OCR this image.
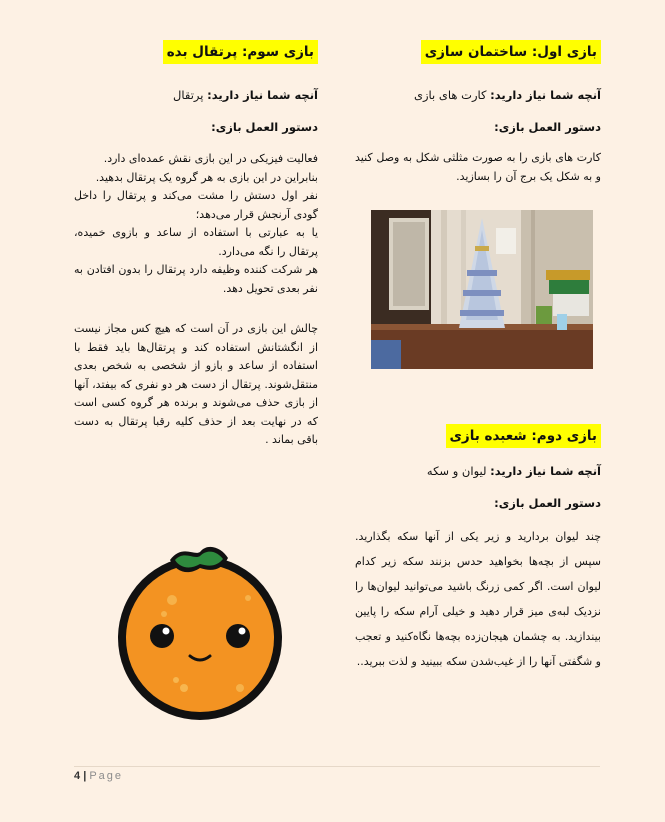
بازی اول: ساختمان سازی
آنچه شما نیاز دارید: کارت های بازی
دستور العمل بازی:
کارت های بازی را به صورت مثلثی شکل به وصل کنید و به شکل یک برج آن را بسازید.
بازی دوم: شعبده بازی
آنچه شما نیاز دارید: لیوان و سکه
دستور العمل بازی:
چند لیوان بردارید و زیر یکی از آنها سکه بگذارید. سپس از بچه‌ها بخواهید حدس بزنند سکه زیر کدام لیوان است. اگر کمی زرنگ باشید می‌توانید لیوان‌ها را نزدیک لبه‌ی میز قرار دهید و خیلی آرام سکه را پایین بیندازید. به چشمان هیجان‌زده بچه‌ها نگاه‌کنید و تعجب و شگفتی آنها را از غیب‌شدن سکه ببینید و لذت ببرید..
بازی سوم: پرتقال بده
آنچه شما نیاز دارید: پرتقال
دستور العمل بازی:
فعالیت فیزیکی در این بازی نقش عمده‌ای دارد.
بنابراین در این بازی به هر گروه یک پرتقال بدهید.
نفر اول دستش را مشت می‌کند و پرتقال را داخل گودی آرنجش قرار می‌دهد؛
یا به عبارتی با استفاده از ساعد و بازوی خمیده، پرتقال را نگه می‌دارد.
هر شرکت کننده وظیفه دارد پرتقال را بدون افتادن به نفر بعدی تحویل دهد.
چالش این بازی در آن است که هیچ کس مجاز نیست از انگشتانش استفاده کند و پرتقال‌ها باید فقط با استفاده از ساعد و بازو از شخصی به شخص بعدی منتقل‌شوند. پرتقال از دست هر دو نفری که بیفتد، آنها از بازی حذف می‌شوند و برنده هر گروه کسی است که در نهایت بعد از حذف کلیه رقبا پرتقال به دست باقی بماند .
4 | Page
